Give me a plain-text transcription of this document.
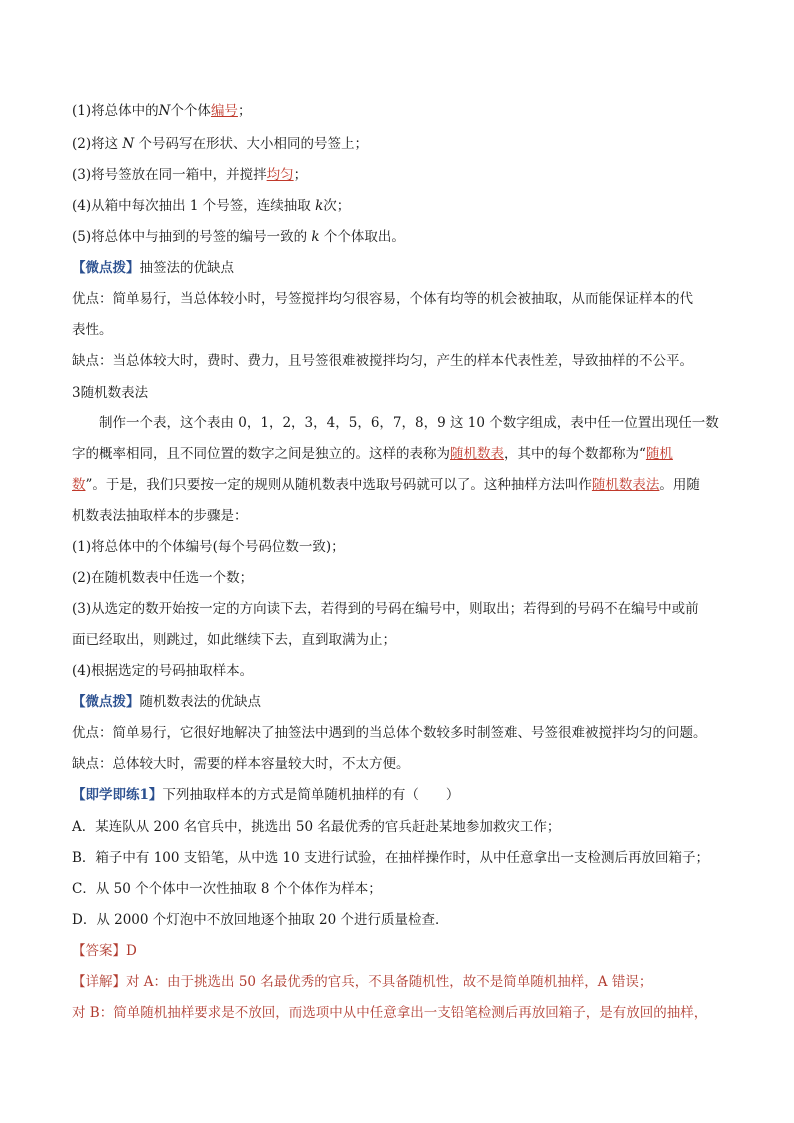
(1)将总体中的N个个体编号；
(2)将这 N 个号码写在形状、大小相同的号签上；
(3)将号签放在同一箱中，并搅拌均匀；
(4)从箱中每次抽出 1 个号签，连续抽取 k次；
(5)将总体中与抽到的号签的编号一致的 k 个个体取出。
【微点拨】抽签法的优缺点
优点：简单易行，当总体较小时，号签搅拌均匀很容易，个体有均等的机会被抽取，从而能保证样本的代
表性。
缺点：当总体较大时，费时、费力，且号签很难被搅拌均匀，产生的样本代表性差，导致抽样的不公平。
3随机数表法
制作一个表，这个表由 0，1，2，3，4，5，6，7，8，9 这 10 个数字组成，表中任一位置出现任一数
字的概率相同，且不同位置的数字之间是独立的。这样的表称为随机数表，其中的每个数都称为“随机
数”。于是，我们只要按一定的规则从随机数表中选取号码就可以了。这种抽样方法叫作随机数表法。用随
机数表法抽取样本的步骤是：
(1)将总体中的个体编号(每个号码位数一致)；
(2)在随机数表中任选一个数；
(3)从选定的数开始按一定的方向读下去，若得到的号码在编号中，则取出；若得到的号码不在编号中或前
面已经取出，则跳过，如此继续下去，直到取满为止；
(4)根据选定的号码抽取样本。
【微点拨】随机数表法的优缺点
优点：简单易行，它很好地解决了抽签法中遇到的当总体个数较多时制签难、号签很难被搅拌均匀的问题。
缺点：总体较大时，需要的样本容量较大时，不太方便。
【即学即练1】下列抽取样本的方式是简单随机抽样的有（　　）
A．某连队从 200 名官兵中，挑选出 50 名最优秀的官兵赶赴某地参加救灾工作；
B．箱子中有 100 支铅笔，从中选 10 支进行试验，在抽样操作时，从中任意拿出一支检测后再放回箱子；
C．从 50 个个体中一次性抽取 8 个个体作为样本；
D．从 2000 个灯泡中不放回地逐个抽取 20 个进行质量检查．
【答案】D
【详解】对 A：由于挑选出 50 名最优秀的官兵，不具备随机性，故不是简单随机抽样，A 错误；
对 B：简单随机抽样要求是不放回，而选项中从中任意拿出一支铅笔检测后再放回箱子，是有放回的抽样，
